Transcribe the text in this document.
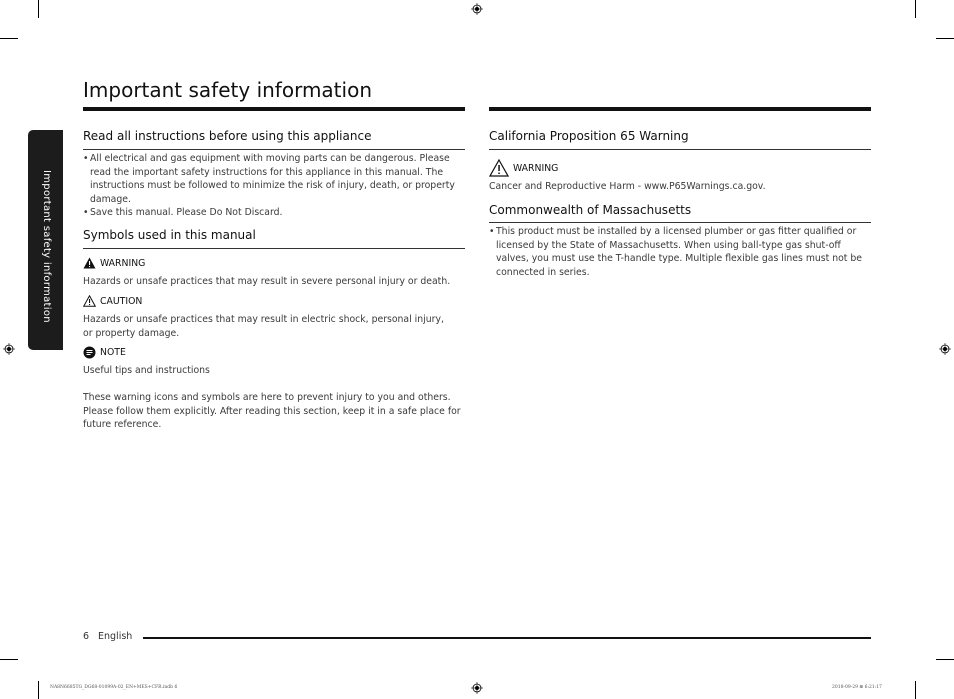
Important safety information
Important safety information
Read all instructions before using this appliance
• All electrical and gas equipment with moving parts can be dangerous. Please read the important safety instructions for this appliance in this manual. The instructions must be followed to minimize the risk of injury, death, or property damage.
• Save this manual. Please Do Not Discard.
Symbols used in this manual
WARNING
Hazards or unsafe practices that may result in severe personal injury or death.
CAUTION
Hazards or unsafe practices that may result in electric shock, personal injury, or property damage.
NOTE
Useful tips and instructions
These warning icons and symbols are here to prevent injury to you and others. Please follow them explicitly. After reading this section, keep it in a safe place for future reference.
California Proposition 65 Warning
WARNING
Cancer and Reproductive Harm - www.P65Warnings.ca.gov.
Commonwealth of Massachusetts
• This product must be installed by a licensed plumber or gas fitter qualified or licensed by the State of Massachusetts. When using ball-type gas shut-off valves, you must use the T-handle type. Multiple flexible gas lines must not be connected in series.
6 English
NA8N6685TG_DG68-01099A-02_EN+MES+CFR.indb 6	2018-09-29 ⊞ 6:21:17
